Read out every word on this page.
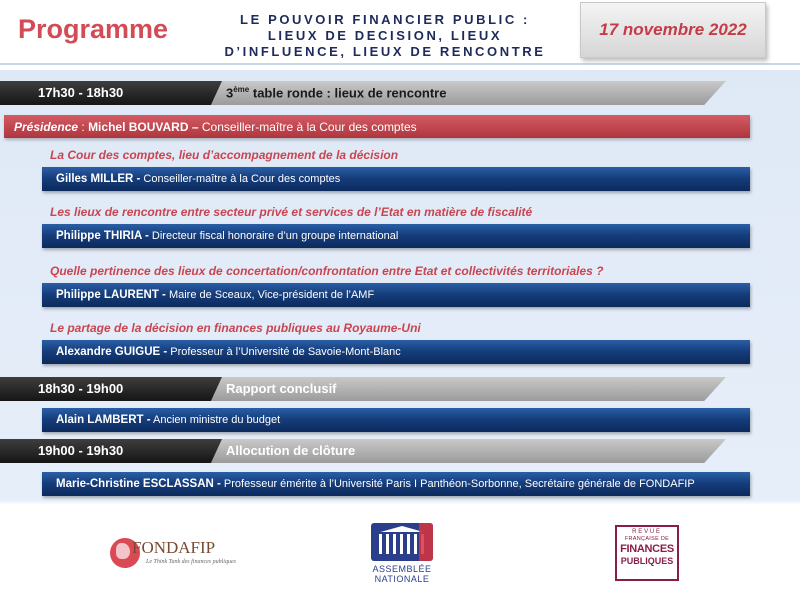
Programme	LE POUVOIR FINANCIER PUBLIC :
LIEUX DE DECISION, LIEUX
D’INFLUENCE, LIEUX DE RENCONTRE
17 novembre 2022
17h30 - 18h30	3ème table ronde : lieux de rencontre
Présidence : Michel BOUVARD – Conseiller-maître à la Cour des comptes
La Cour des comptes, lieu d’accompagnement de la décision
Gilles MILLER - Conseiller-maître à la Cour des comptes
Les lieux de rencontre entre secteur privé et services de l’Etat en matière de fiscalité
Philippe THIRIA - Directeur fiscal honoraire d’un groupe international
Quelle pertinence des lieux de concertation/confrontation entre Etat et collectivités territoriales ?
Philippe LAURENT - Maire de Sceaux, Vice-président de l’AMF
Le partage de la décision en finances publiques au Royaume-Uni
Alexandre GUIGUE - Professeur à l’Université de Savoie-Mont-Blanc
18h30 - 19h00	Rapport conclusif
Alain LAMBERT - Ancien ministre du budget
19h00 - 19h30	Allocution de clôture
Marie-Christine ESCLASSAN - Professeur émérite à l’Université Paris I Panthéon-Sorbonne, Secrétaire générale de FONDAFIP
FONDAFIP
Le Think Tank des finances publiques
ASSEMBLÉE
NATIONALE
REVUE
FRANÇAISE DE
FINANCES
PUBLIQUES
